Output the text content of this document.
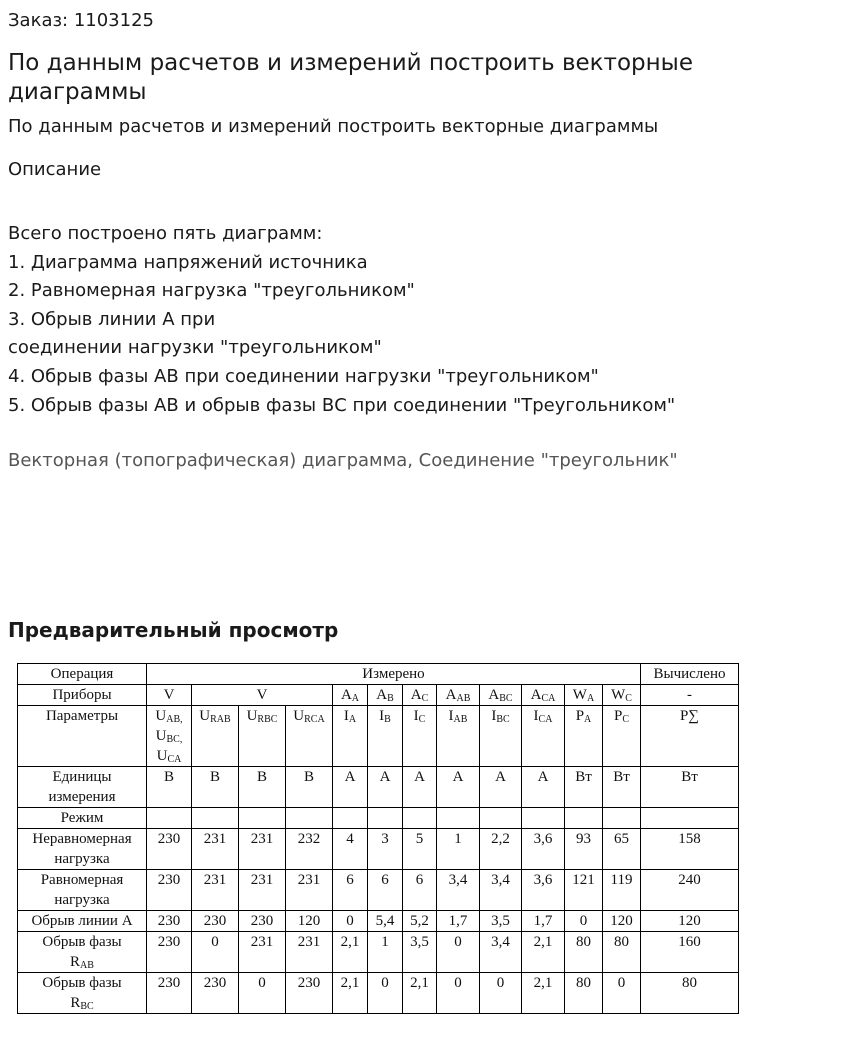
Заказ: 1103125
По данным расчетов и измерений построить векторные диаграммы
По данным расчетов и измерений построить векторные диаграммы
Описание
Всего построено пять диаграмм:
1. Диаграмма напряжений источника
2. Равномерная нагрузка "треугольником"
3. Обрыв линии А при
соединении нагрузки "треугольником"
4. Обрыв фазы АВ при соединении нагрузки "треугольником"
5. Обрыв фазы АВ и обрыв фазы ВС при соединении "Треугольником"
Векторная (топографическая) диаграмма, Соединение "треугольник"
Предварительный просмотр
Операция	Измерено												Вычислено
Приборы	V	V			$A_A$	$A_B$	$A_C$	$A_{AB}$	$A_{BC}$	$A_{CA}$	$W_A$	$W_C$	-
Параметры	$U_{AB,}$
$U_{BC,}$
$U_{CA}$	$U_{RAB}$	$U_{RBC}$	$U_{RCA}$	$I_A$	$I_B$	$I_C$	$I_{AB}$	$I_{BC}$	$I_{CA}$	$P_A$	$P_C$	P∑
Единицы измерения	В	В	В	В	А	А	А	А	А	А	Вт	Вт	Вт
Режим													

Неравномерная нагрузка	230	231	231	232	4	3	5	1	2,2	3,6	93	65	158

Равномерная нагрузка	230	231	231	231	6	6	6	3,4	3,4	3,6	121	119	240

Обрыв линии А	230	230	230	120	0	5,4	5,2	1,7	3,5	1,7	0	120	120

Обрыв фазы
$R_{AB}$	230	0	231	231	2,1	1	3,5	0	3,4	2,1	80	80	160

Обрыв фазы
$R_{BC}$	230	230	0	230	2,1	0	2,1	0	0	2,1	80	0	80
